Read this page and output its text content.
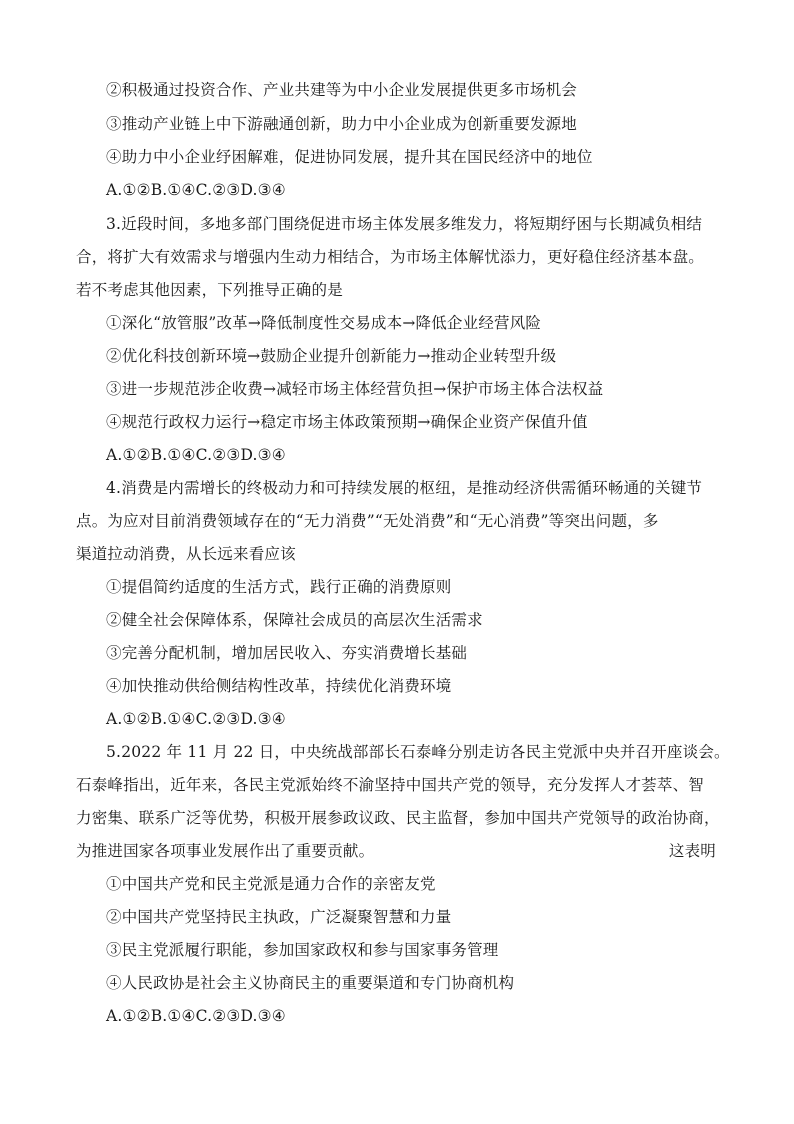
②积极通过投资合作、产业共建等为中小企业发展提供更多市场机会
③推动产业链上中下游融通创新，助力中小企业成为创新重要发源地
④助力中小企业纾困解难，促进协同发展，提升其在国民经济中的地位
A.①②B.①④C.②③D.③④
3.近段时间，多地多部门围绕促进市场主体发展多维发力，将短期纾困与长期减负相结
合，将扩大有效需求与增强内生动力相结合，为市场主体解忧添力，更好稳住经济基本盘。
若不考虑其他因素，下列推导正确的是
①深化“放管服”改革→降低制度性交易成本→降低企业经营风险
②优化科技创新环境→鼓励企业提升创新能力→推动企业转型升级
③进一步规范涉企收费→减轻市场主体经营负担→保护市场主体合法权益
④规范行政权力运行→稳定市场主体政策预期→确保企业资产保值升值
A.①②B.①④C.②③D.③④
4.消费是内需增长的终极动力和可持续发展的枢纽，是推动经济供需循环畅通的关键节
点。为应对目前消费领域存在的“无力消费”“无处消费”和“无心消费”等突出问题，多
渠道拉动消费，从长远来看应该
①提倡简约适度的生活方式，践行正确的消费原则
②健全社会保障体系，保障社会成员的高层次生活需求
③完善分配机制，增加居民收入、夯实消费增长基础
④加快推动供给侧结构性改革，持续优化消费环境
A.①②B.①④C.②③D.③④
5.2022 年 11 月 22 日，中央统战部部长石泰峰分别走访各民主党派中央并召开座谈会。
石泰峰指出，近年来，各民主党派始终不渝坚持中国共产党的领导，充分发挥人才荟萃、智
力密集、联系广泛等优势，积极开展参政议政、民主监督，参加中国共产党领导的政治协商，
为推进国家各项事业发展作出了重要贡献。	这表明
①中国共产党和民主党派是通力合作的亲密友党
②中国共产党坚持民主执政，广泛凝聚智慧和力量
③民主党派履行职能，参加国家政权和参与国家事务管理
④人民政协是社会主义协商民主的重要渠道和专门协商机构
A.①②B.①④C.②③D.③④
